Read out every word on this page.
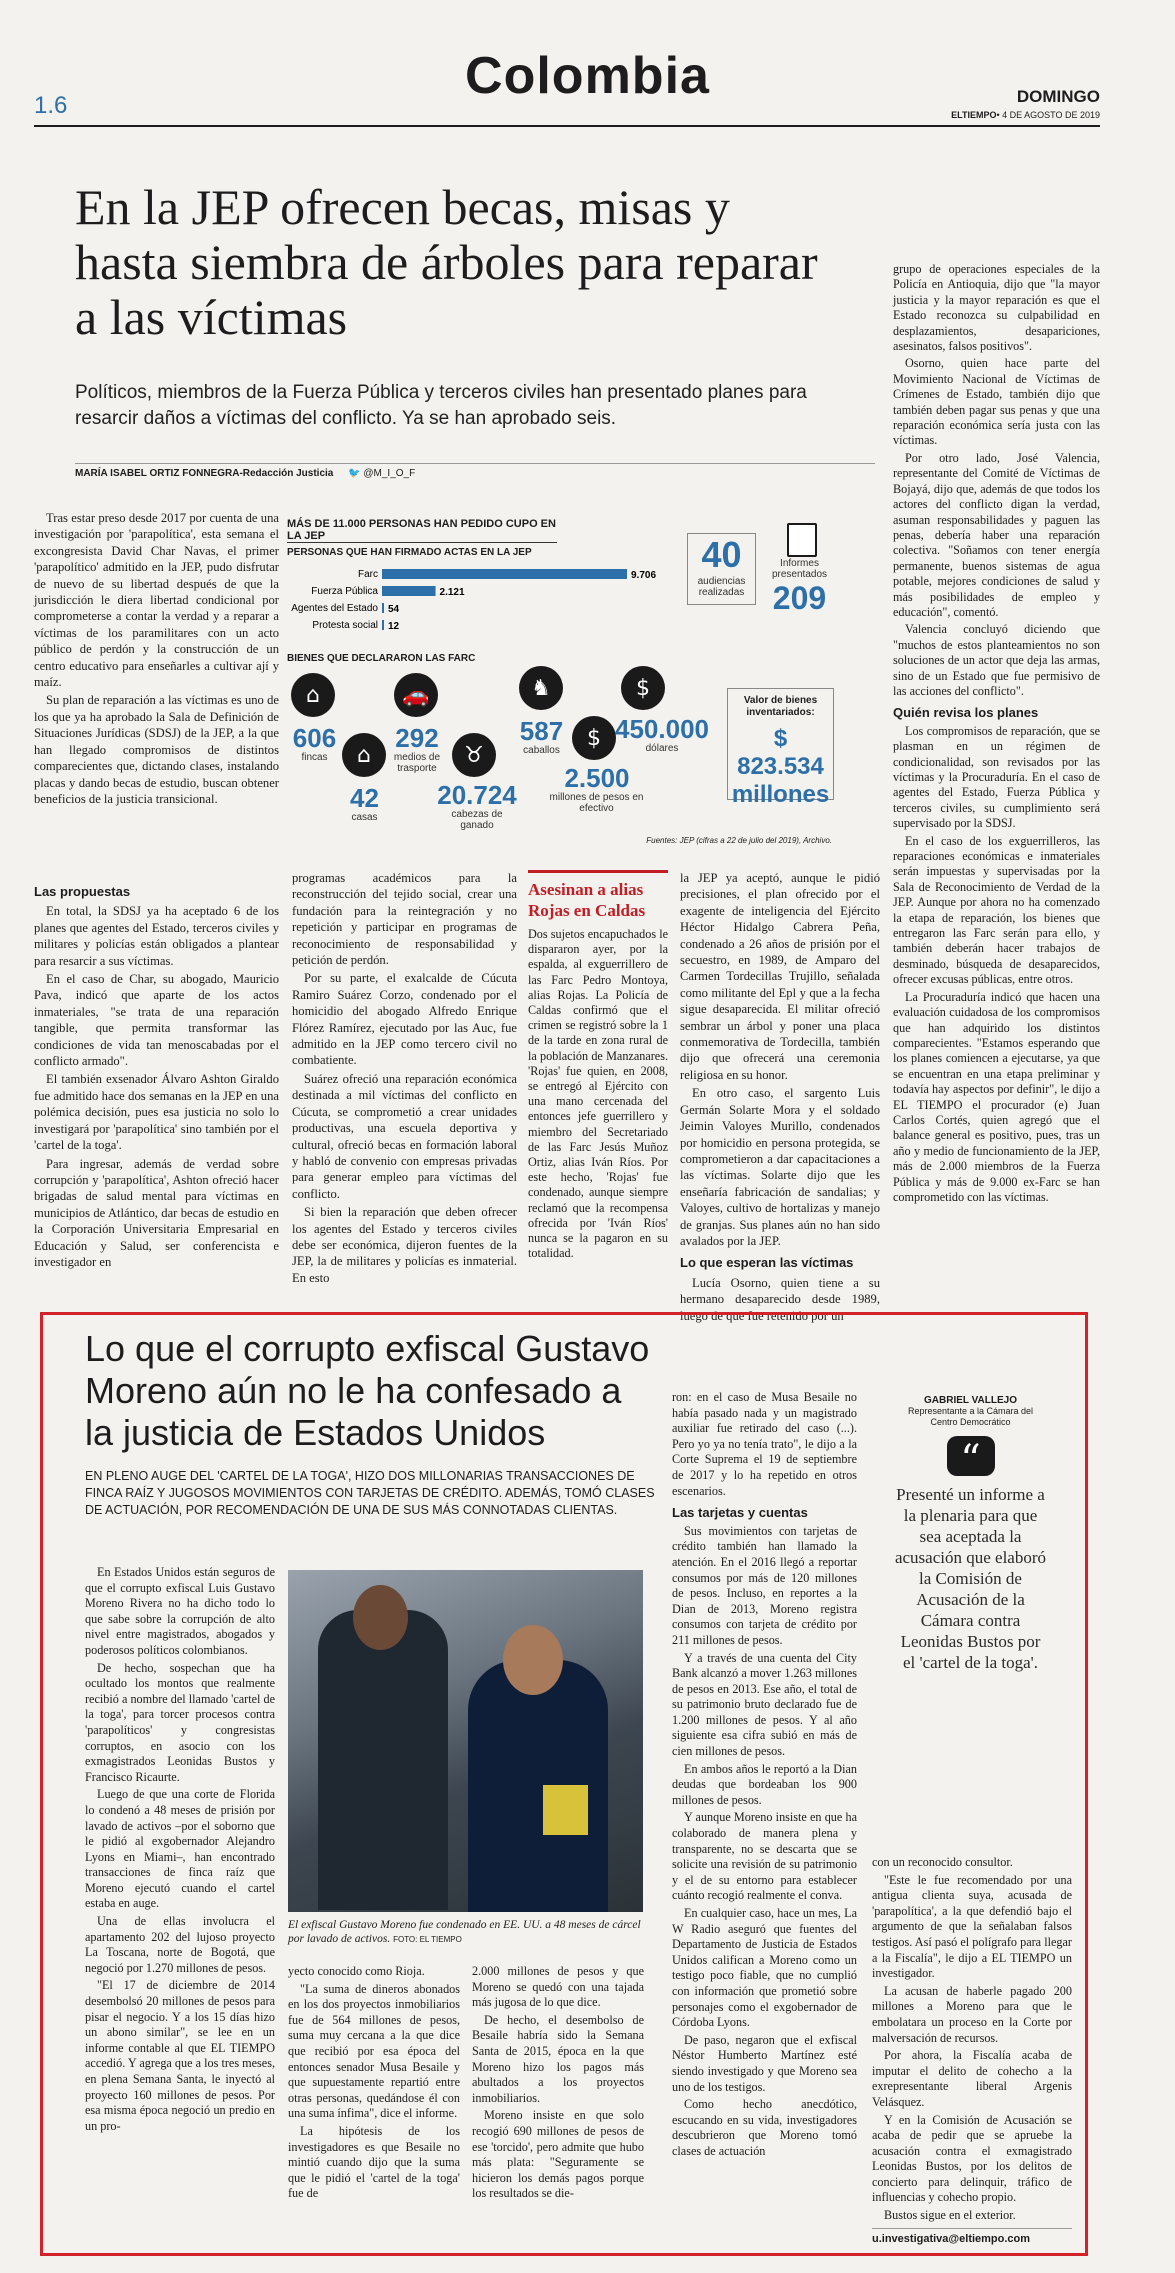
1.6
Colombia	DOMINGO
ELTIEMPO• 4 DE AGOSTO DE 2019
En la JEP ofrecen becas, misas y hasta siembra de árboles para reparar a las víctimas
Políticos, miembros de la Fuerza Pública y terceros civiles han presentado planes para resarcir daños a víctimas del conflicto. Ya se han aprobado seis.
MARÍA ISABEL ORTIZ FONNEGRA-Redacción Justicia 🐦 @M_I_O_F
MÁS DE 11.000 PERSONAS HAN PEDIDO CUPO EN LA JEP
PERSONAS QUE HAN FIRMADO ACTAS EN LA JEP
Farc	9.706
Fuerza Pública	2.121
Agentes del Estado 54
Protesta social 12
40
audiencias realizadas
Informes presentados
209
BIENES QUE DECLARARON LAS FARC
⌂
606
fincas	⌂
42
casas
🚗
292
medios de trasporte
♉
20.724
cabezas de ganado
♞
587
caballos	$
2.500
millones de pesos en efectivo
$
450.000
dólares
Valor de bienes inventariados:
$ 823.534 millones
Fuentes: JEP (cifras a 22 de julio del 2019), Archivo.

Tras estar preso desde 2017 por cuenta de una investigación por 'parapolítica', esta semana el excongresista David Char Navas, el primer 'parapolítico' admitido en la JEP, pudo disfrutar de nuevo de su libertad después de que la jurisdicción le diera libertad condicional por comprometerse a contar la verdad y a reparar a víctimas de los paramilitares con un acto público de perdón y la construcción de un centro educativo para enseñarles a cultivar ají y maíz.

Su plan de reparación a las víctimas es uno de los que ya ha aprobado la Sala de Definición de Situaciones Jurídicas (SDSJ) de la JEP, a la que han llegado compromisos de distintos comparecientes que, dictando clases, instalando placas y dando becas de estudio, buscan obtener beneficios de la justicia transicional.

Las propuestas

En total, la SDSJ ya ha aceptado 6 de los planes que agentes del Estado, terceros civiles y militares y policías están obligados a plantear para resarcir a sus víctimas.

En el caso de Char, su abogado, Mauricio Pava, indicó que aparte de los actos inmateriales, "se trata de una reparación tangible, que permita transformar las condiciones de vida tan menoscabadas por el conflicto armado".

El también exsenador Álvaro Ashton Giraldo fue admitido hace dos semanas en la JEP en una polémica decisión, pues esa justicia no solo lo investigará por 'parapolítica' sino también por el 'cartel de la toga'.

Para ingresar, además de verdad sobre corrupción y 'parapolítica', Ashton ofreció hacer brigadas de salud mental para víctimas en municipios de Atlántico, dar becas de estudio en la Corporación Universitaria Empresarial en Educación y Salud, ser conferencista e investigador en

programas académicos para la reconstrucción del tejido social, crear una fundación para la reintegración y no repetición y participar en programas de reconocimiento de responsabilidad y petición de perdón.

Por su parte, el exalcalde de Cúcuta Ramiro Suárez Corzo, condenado por el homicidio del abogado Alfredo Enrique Flórez Ramírez, ejecutado por las Auc, fue admitido en la JEP como tercero civil no combatiente.

Suárez ofreció una reparación económica destinada a mil víctimas del conflicto en Cúcuta, se comprometió a crear unidades productivas, una escuela deportiva y cultural, ofreció becas en formación laboral y habló de convenio con empresas privadas para generar empleo para víctimas del conflicto.

Si bien la reparación que deben ofrecer los agentes del Estado y terceros civiles debe ser económica, dijeron fuentes de la JEP, la de militares y policías es inmaterial. En esto

Asesinan a alias Rojas en Caldas
Dos sujetos encapuchados le dispararon ayer, por la espalda, al exguerrillero de las Farc Pedro Montoya, alias Rojas. La Policía de Caldas confirmó que el crimen se registró sobre la 1 de la tarde en zona rural de la población de Manzanares. 'Rojas' fue quien, en 2008, se entregó al Ejército con una mano cercenada del entonces jefe guerrillero y miembro del Secretariado de las Farc Jesús Muñoz Ortiz, alias Iván Ríos. Por este hecho, 'Rojas' fue condenado, aunque siempre reclamó que la recompensa ofrecida por 'Iván Ríos' nunca se la pagaron en su totalidad.

la JEP ya aceptó, aunque le pidió precisiones, el plan ofrecido por el exagente de inteligencia del Ejército Héctor Hidalgo Cabrera Peña, condenado a 26 años de prisión por el secuestro, en 1989, de Amparo del Carmen Tordecillas Trujillo, señalada como militante del Epl y que a la fecha sigue desaparecida. El militar ofreció sembrar un árbol y poner una placa conmemorativa de Tordecilla, también dijo que ofrecerá una ceremonia religiosa en su honor.

En otro caso, el sargento Luis Germán Solarte Mora y el soldado Jeimin Valoyes Murillo, condenados por homicidio en persona protegida, se comprometieron a dar capacitaciones a las víctimas. Solarte dijo que les enseñaría fabricación de sandalias; y Valoyes, cultivo de hortalizas y manejo de granjas. Sus planes aún no han sido avalados por la JEP.

Lo que esperan las víctimas

Lucía Osorno, quien tiene a su hermano desaparecido desde 1989, luego de que fue retenido por un

grupo de operaciones especiales de la Policía en Antioquia, dijo que "la mayor justicia y la mayor reparación es que el Estado reconozca su culpabilidad en desplazamientos, desapariciones, asesinatos, falsos positivos".

Osorno, quien hace parte del Movimiento Nacional de Víctimas de Crímenes de Estado, también dijo que también deben pagar sus penas y que una reparación económica sería justa con las víctimas.

Por otro lado, José Valencia, representante del Comité de Víctimas de Bojayá, dijo que, además de que todos los actores del conflicto digan la verdad, asuman responsabilidades y paguen las penas, debería haber una reparación colectiva. "Soñamos con tener energía permanente, buenos sistemas de agua potable, mejores condiciones de salud y más posibilidades de empleo y educación", comentó.

Valencia concluyó diciendo que "muchos de estos planteamientos no son soluciones de un actor que deja las armas, sino de un Estado que fue permisivo de las acciones del conflicto".

Quién revisa los planes

Los compromisos de reparación, que se plasman en un régimen de condicionalidad, son revisados por las víctimas y la Procuraduría. En el caso de agentes del Estado, Fuerza Pública y terceros civiles, su cumplimiento será supervisado por la SDSJ.

En el caso de los exguerrilleros, las reparaciones económicas e inmateriales serán impuestas y supervisadas por la Sala de Reconocimiento de Verdad de la JEP. Aunque por ahora no ha comenzado la etapa de reparación, los bienes que entregaron las Farc serán para ello, y también deberán hacer trabajos de desminado, búsqueda de desaparecidos, ofrecer excusas públicas, entre otros.

La Procuraduría indicó que hacen una evaluación cuidadosa de los compromisos que han adquirido los distintos comparecientes. "Estamos esperando que los planes comiencen a ejecutarse, ya que se encuentran en una etapa preliminar y todavía hay aspectos por definir", le dijo a EL TIEMPO el procurador (e) Juan Carlos Cortés, quien agregó que el balance general es positivo, pues, tras un año y medio de funcionamiento de la JEP, más de 2.000 miembros de la Fuerza Pública y más de 9.000 ex-Farc se han comprometido con las víctimas.

Lo que el corrupto exfiscal Gustavo Moreno aún no le ha confesado a la justicia de Estados Unidos
EN PLENO AUGE DEL 'CARTEL DE LA TOGA', HIZO DOS MILLONARIAS TRANSACCIONES DE FINCA RAÍZ Y JUGOSOS MOVIMIENTOS CON TARJETAS DE CRÉDITO. ADEMÁS, TOMÓ CLASES DE ACTUACIÓN, POR RECOMENDACIÓN DE UNA DE SUS MÁS CONNOTADAS CLIENTAS.

En Estados Unidos están seguros de que el corrupto exfiscal Luis Gustavo Moreno Rivera no ha dicho todo lo que sabe sobre la corrupción de alto nivel entre magistrados, abogados y poderosos políticos colombianos.

De hecho, sospechan que ha ocultado los montos que realmente recibió a nombre del llamado 'cartel de la toga', para torcer procesos contra 'parapolíticos' y congresistas corruptos, en asocio con los exmagistrados Leonidas Bustos y Francisco Ricaurte.

Luego de que una corte de Florida lo condenó a 48 meses de prisión por lavado de activos –por el soborno que le pidió al exgobernador Alejandro Lyons en Miami–, han encontrado transacciones de finca raíz que Moreno ejecutó cuando el cartel estaba en auge.

Una de ellas involucra el apartamento 202 del lujoso proyecto La Toscana, norte de Bogotá, que negoció por 1.270 millones de pesos.

"El 17 de diciembre de 2014 desembolsó 20 millones de pesos para pisar el negocio. Y a los 15 días hizo un abono similar", se lee en un informe contable al que EL TIEMPO accedió. Y agrega que a los tres meses, en plena Semana Santa, le inyectó al proyecto 160 millones de pesos. Por esa misma época negoció un predio en un pro-

El exfiscal Gustavo Moreno fue condenado en EE. UU. a 48 meses de cárcel por lavado de activos. FOTO: EL TIEMPO

yecto conocido como Rioja.

"La suma de dineros abonados en los dos proyectos inmobiliarios fue de 564 millones de pesos, suma muy cercana a la que dice que recibió por esa época del entonces senador Musa Besaile y que supuestamente repartió entre otras personas, quedándose él con una suma ínfima", dice el informe.

La hipótesis de los investigadores es que Besaile no mintió cuando dijo que la suma que le pidió el 'cartel de la toga' fue de

2.000 millones de pesos y que Moreno se quedó con una tajada más jugosa de lo que dice.

De hecho, el desembolso de Besaile habría sido la Semana Santa de 2015, época en la que Moreno hizo los pagos más abultados a los proyectos inmobiliarios.

Moreno insiste en que solo recogió 690 millones de pesos de ese 'torcido', pero admite que hubo más plata: "Seguramente se hicieron los demás pagos porque los resultados se die-

ron: en el caso de Musa Besaile no había pasado nada y un magistrado auxiliar fue retirado del caso (...). Pero yo ya no tenía trato", le dijo a la Corte Suprema el 19 de septiembre de 2017 y lo ha repetido en otros escenarios.

Las tarjetas y cuentas

Sus movimientos con tarjetas de crédito también han llamado la atención. En el 2016 llegó a reportar consumos por más de 120 millones de pesos. Incluso, en reportes a la Dian de 2013, Moreno registra consumos con tarjeta de crédito por 211 millones de pesos.

Y a través de una cuenta del City Bank alcanzó a mover 1.263 millones de pesos en 2013. Ese año, el total de su patrimonio bruto declarado fue de 1.200 millones de pesos. Y al año siguiente esa cifra subió en más de cien millones de pesos.

En ambos años le reportó a la Dian deudas que bordeaban los 900 millones de pesos.

Y aunque Moreno insiste en que ha colaborado de manera plena y transparente, no se descarta que se solicite una revisión de su patrimonio y el de su entorno para establecer cuánto recogió realmente el conva.

En cualquier caso, hace un mes, La W Radio aseguró que fuentes del Departamento de Justicia de Estados Unidos califican a Moreno como un testigo poco fiable, que no cumplió con información que prometió sobre personajes como el exgobernador de Córdoba Lyons.

De paso, negaron que el exfiscal Néstor Humberto Martínez esté siendo investigado y que Moreno sea uno de los testigos.

Como hecho anecdótico, escucando en su vida, investigadores descubrieron que Moreno tomó clases de actuación

GABRIEL VALLEJO
Representante a la Cámara del Centro Democrático
“
Presenté un informe a la plenaria para que sea aceptada la acusación que elaboró la Comisión de Acusación de la Cámara contra Leonidas Bustos por el 'cartel de la toga'.

con un reconocido consultor.

"Este le fue recomendado por una antigua clienta suya, acusada de 'parapolítica', a la que defendió bajo el argumento de que la señalaban falsos testigos. Así pasó el polígrafo para llegar a la Fiscalía", le dijo a EL TIEMPO un investigador.

La acusan de haberle pagado 200 millones a Moreno para que le embolatara un proceso en la Corte por malversación de recursos.

Por ahora, la Fiscalía acaba de imputar el delito de cohecho a la exrepresentante liberal Argenis Velásquez.

Y en la Comisión de Acusación se acaba de pedir que se apruebe la acusación contra el exmagistrado Leonidas Bustos, por los delitos de concierto para delinquir, tráfico de influencias y cohecho propio.

Bustos sigue en el exterior.

u.investigativa@eltiempo.com
